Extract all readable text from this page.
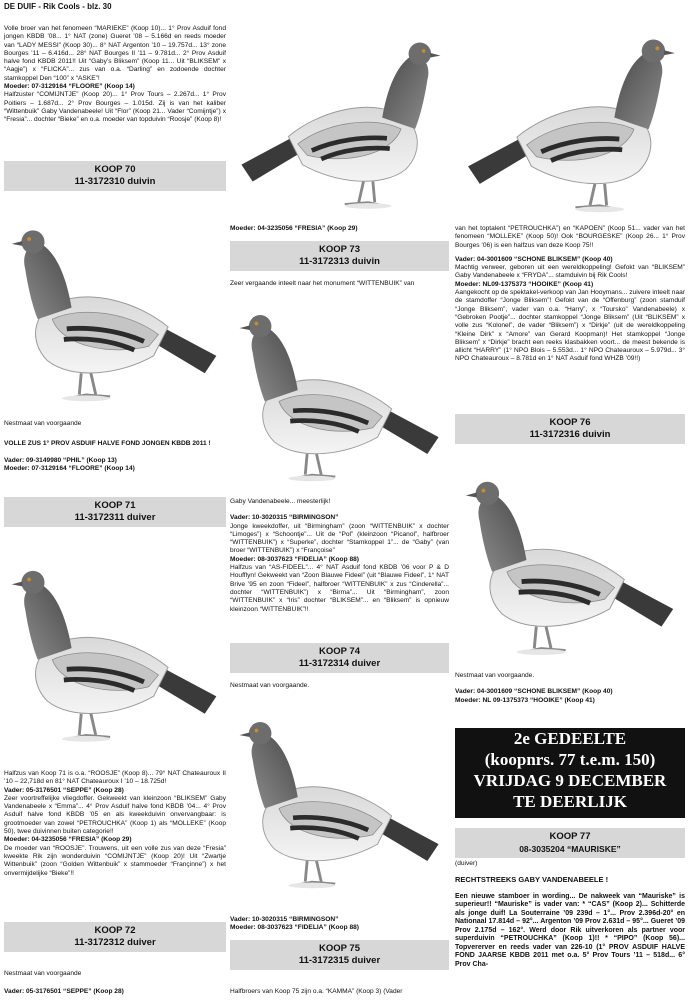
DE DUIF - Rik Cools - blz. 30

Volle broer van het fenomeen “MARIEKE” (Koop 10)... 1° Prov Asduif fond jongen KBDB ’08... 1° NAT (zone) Gueret ’08 – 5.166d en reeds moeder van “LADY MESSI” (Koop 30)... 8° NAT Argenton ’10 – 19.757d... 13° zone Bourges ’11 – 6.416d... 28° NAT Bourges II ’11 – 9.781d... 2° Prov Asduif halve fond KBDB 2011!! Uit “Gaby’s Bliksem” (Koop 11... Uit “BLIKSEM” x “Aagje”) x “FLICKA”... zus van o.a. “Darling” en zodoende dochter stamkoppel Den “100” x “ASKE”!

Moeder: 07-3129164 “FLOORE” (Koop 14)

Halfzuster “COMIJNTJE” (Koop 20)... 1° Prov Tours – 2.267d... 1° Prov Poitiers – 1.687d... 2° Prov Bourges – 1.015d. Zij is van het kaliber “Wittenbuik” Gaby Vandenabeele! Uit “Flor” (Koop 21... Vader “Comijntje”) x “Fresia”... dochter “Bieke” en o.a. moeder van topduivin “Roosje” (Koop 8)!

KOOP 70
11-3172310 duivin

Nestmaat van voorgaande

VOLLE ZUS 1° PROV ASDUIF HALVE FOND JONGEN KBDB 2011 !

Vader: 09-3149980 “PHIL” (Koop 13)

Moeder: 07-3129164 “FLOORE” (Koop 14)

KOOP 71
11-3172311 duiver

Halfzus van Koop 71 is o.a. “ROOSJE” (Koop 8)... 79° NAT Chateauroux II ’10 – 22,718d en 81° NAT Chateauroux I ’10 – 18.725d!

Vader: 05-3176501 “SEPPE” (Koop 28)

Zeer voortreffelijke vliegdoffer. Gekweekt van kleinzoon “BLIKSEM” Gaby Vandenabeele x “Emma”... 4° Prov Asduif halve fond KBDB ’04... 4° Prov Asduif halve fond KBDB ’05 en als kweekduivin onvervangbaar: is grootmoeder van zowel “PETROUCHKA” (Koop 1) als “MOLLEKE” (Koop 50), twee duivinnen buiten categorie!!

Moeder: 04-3235056 “FRESIA” (Koop 29)

De moeder van “ROOSJE”. Trouwens, uit een volle zus van deze “Fresia” kweekte Rik zijn wonderduivin “COMIJNTJE” (Koop 20)! Uit “Zwartje Wittenbuik” (zoon “Golden Wittenbuik” x stammoeder “Françinne”) x het onvermijdelijke “Bieke”!!

KOOP 72
11-3172312 duiver

Nestmaat van voorgaande

Vader: 05-3176501 “SEPPE” (Koop 28)

Moeder: 04-3235056 “FRESIA” (Koop 29)

KOOP 73
11-3172313 duivin

Zeer vergaande inteelt naar het monument “WITTENBUIK” van

Gaby Vandenabeele... meesterlijk!

Vader: 10-3020315 “BIRMINGSON”

Jonge kweekdoffer, uit “Birmingham” (zoon “WITTENBUIK” x dochter “Limoges”) x “Schoontje”... Uit de “Pol” (kleinzoon “Picanol”, halfbroer “WITTENBUIK”) x “Superke”, dochter “Stamkoppel 1”... de “Gaby” (van broer “WITTENBUIK”) x “Françoise”

Moeder: 08-3037623 “FIDELIA” (Koop 88)

Halfzus van “AS-FIDEEL”... 4° NAT Asduif fond KBDB ’06 voor P & D Houfflyn! Gekweekt van “Zoon Blauwe Fideel” (uit “Blauwe Fideel”, 1° NAT Brive ’95 en zoon “Fideel”, halfbroer “WITTENBUIK” x zus “Cinderella”... dochter “WITTENBUIK”) x “Birma”... Uit “Birmingham”, zoon “WITTENBUIK” x “Iris” dochter “BLIKSEM”... en “Bliksem” is opnieuw kleinzoon “WITTENBUIK”!!

KOOP 74
11-3172314 duiver

Nestmaat van voorgaande.

Vader: 10-3020315 “BIRMINGSON”

Moeder: 08-3037623 “FIDELIA” (Koop 88)

KOOP 75
11-3172315 duiver

Halfbroers van Koop 75 zijn o.a. “KAMMA” (Koop 3) (Vader

van het toptalent “PETROUCHKA”) en “KAPOEN” (Koop 51... vader van het fenomeen “MOLLEKE” (Koop 50)! Ook “BOURGESKE” (Koop 26... 1° Prov Bourges ’06) is een halfzus van deze Koop 75!!

Vader: 04-3001609 “SCHONE BLIKSEM” (Koop 40)

Machtig verweer, geboren uit een wereldkoppeling! Gefokt van “BLIKSEM” Gaby Vandenabeele x “FRYDA”... stamduivin bij Rik Cools!

Moeder: NL09-1375373 “HOOIKE” (Koop 41)

Aangekocht op de spektakel-verkoop van Jan Hooymans... zuivere inteelt naar de stamdoffer “Jonge Bliksem”! Gefokt van de “Offenburg” (zoon stamduif “Jonge Bliksem”, vader van o.a. “Harry”, x “Toursko” Vandenabeele) x “Gebroken Pootje”... dochter stamkoppel “Jonge Bliksem” (Uit “BLIKSEM” x volle zus “Kolonel”, de vader “Bliksem”) x “Dirkje” (uit de wereldkoppeling “Kleine Dirk” x “Amore” van Gerard Koopman)! Het stamkoppel “Jonge Bliksem” x “Dirkje” bracht een reeks klasbakken voort... de meest bekende is allicht “HARRY” (1° NPO Blois – 5.553d... 1° NPO Chateauroux – 5.979d... 3° NPO Chateauroux – 8.781d en 1° NAT Asduif fond WHZB ’09!!)

KOOP 76
11-3172316 duivin

Nestmaat van voorgaande.

Vader: 04-3001609 “SCHONE BLIKSEM” (Koop 40)

Moeder: NL 09-1375373 “HOOIKE” (Koop 41)

2e GEDEELTE
(koopnrs. 77 t.e.m. 150)
VRIJDAG 9 DECEMBER
TE DEERLIJK
KOOP 77
08-3035204 “MAURISKE”

(duiver)

RECHTSTREEKS GABY VANDENABEELE !

Een nieuwe stamboer in wording... De nakweek van “Mauriske” is superieur!! “Mauriske” is vader van: * “CAS” (Koop 2)... Schitterde als jonge duif! La Souterraine ’09 239d – 1°... Prov 2.396d-20° en Nationaal 17.814d – 92°... Argenton ’09 Prov 2.631d – 95°... Gueret ’09 Prov 2.175d – 162°. Werd door Rik uitverkoren als partner voor superduivin “PETROUCHKA” (Koop 1)!! * “PIPO” (Koop 56)... Topvererver en reeds vader van 226-10 (1° PROV ASDUIF HALVE FOND JAARSE KBDB 2011 met o.a. 5° Prov Tours ’11 – 518d... 6° Prov Cha-
